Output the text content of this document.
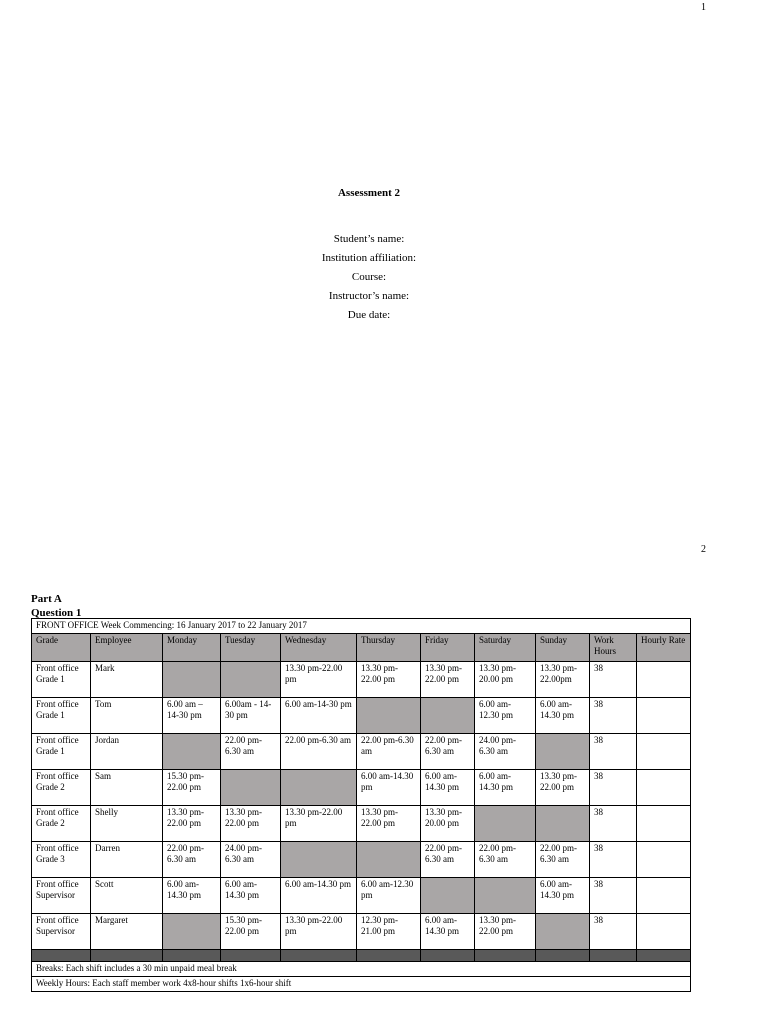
1
Assessment 2
Student’s name:
Institution affiliation:
Course:
Instructor’s name:
Due date:
2
Part A
Question 1
FRONT OFFICE Week Commencing: 16 January 2017 to 22 January 2017										
Grade	Employee	Monday	Tuesday	Wednesday	Thursday	Friday	Saturday	Sunday	Work Hours	Hourly Rate
Front office Grade 1	Mark			13.30 pm-22.00 pm	13.30 pm-22.00 pm	13.30 pm-22.00 pm	13.30 pm-20.00 pm	13.30 pm-22.00pm	38	
Front office Grade 1	Tom	6.00 am – 14-30 pm	6.00am - 14-30 pm	6.00 am-14-30 pm			6.00 am-12.30 pm	6.00 am-14.30 pm	38	
Front office Grade 1	Jordan		22.00 pm-6.30 am	22.00 pm-6.30 am	22.00 pm-6.30 am	22.00 pm-6.30 am	24.00 pm-6.30 am		38	
Front office Grade 2	Sam	15.30 pm-22.00 pm			6.00 am-14.30 pm	6.00 am-14.30 pm	6.00 am-14.30 pm	13.30 pm-22.00 pm	38	
Front office Grade 2	Shelly	13.30 pm-22.00 pm	13.30 pm-22.00 pm	13.30 pm-22.00 pm	13.30 pm-22.00 pm	13.30 pm-20.00 pm			38	
Front office Grade 3	Darren	22.00 pm-6.30 am	24.00 pm-6.30 am			22.00 pm-6.30 am	22.00 pm-6.30 am	22.00 pm-6.30 am	38	
Front office Supervisor	Scott	6.00 am-14.30 pm	6.00 am-14.30 pm	6.00 am-14.30 pm	6.00 am-12.30 pm			6.00 am-14.30 pm	38	
Front office Supervisor	Margaret		15.30 pm-22.00 pm	13.30 pm-22.00 pm	12.30 pm-21.00 pm	6.00 am-14.30 pm	13.30 pm-22.00 pm		38	

Breaks: Each shift includes a 30 min unpaid meal break										
Weekly Hours: Each staff member work 4x8-hour shifts 1x6-hour shift										
